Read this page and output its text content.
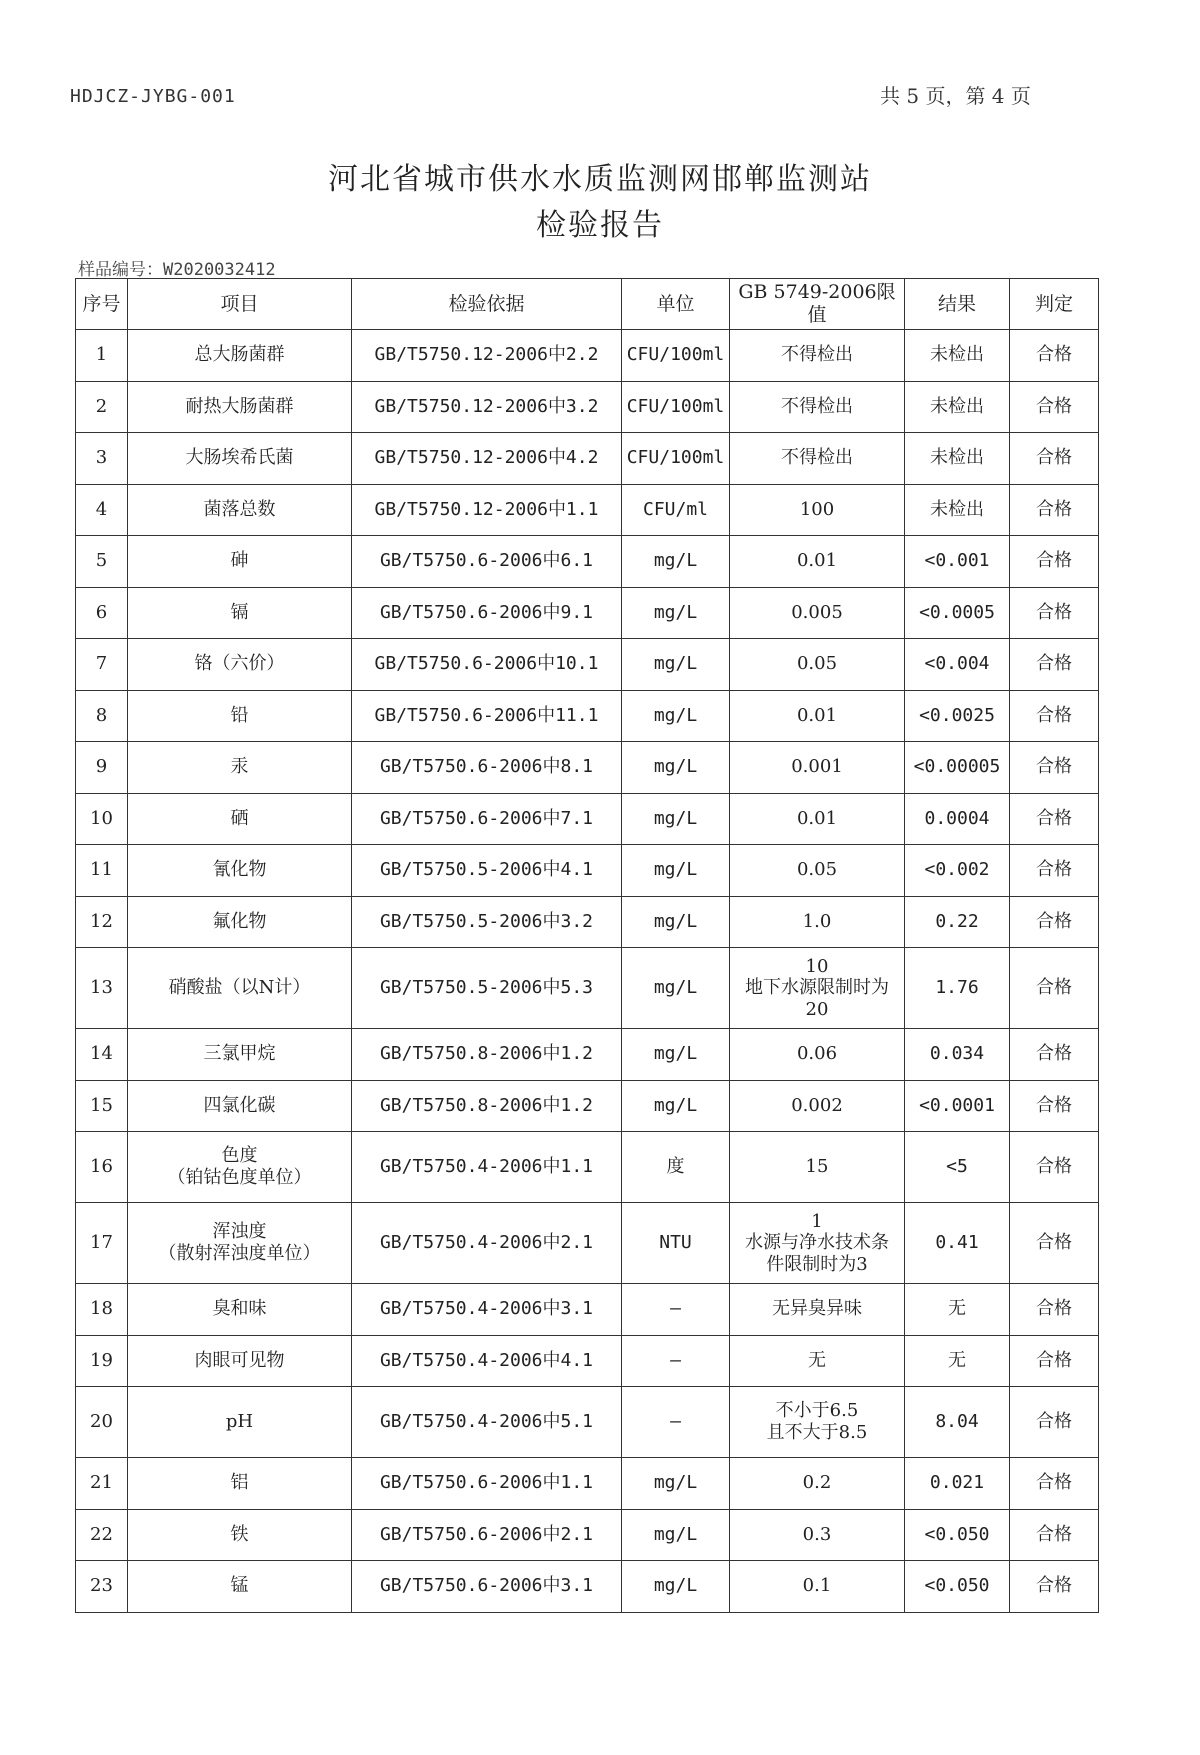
HDJCZ-JYBG-001	共 5 页，第 4 页
河北省城市供水水质监测网邯郸监测站
检验报告
样品编号：W2020032412
序号	项目	检验依据	单位	GB 5749-2006限值	结果	判定
1	总大肠菌群	GB/T5750.12-2006中2.2	CFU/100ml	不得检出	未检出	合格
2	耐热大肠菌群	GB/T5750.12-2006中3.2	CFU/100ml	不得检出	未检出	合格
3	大肠埃希氏菌	GB/T5750.12-2006中4.2	CFU/100ml	不得检出	未检出	合格
4	菌落总数	GB/T5750.12-2006中1.1	CFU/ml	100	未检出	合格
5	砷	GB/T5750.6-2006中6.1	mg/L	0.01	<0.001	合格
6	镉	GB/T5750.6-2006中9.1	mg/L	0.005	<0.0005	合格
7	铬（六价）	GB/T5750.6-2006中10.1	mg/L	0.05	<0.004	合格
8	铅	GB/T5750.6-2006中11.1	mg/L	0.01	<0.0025	合格
9	汞	GB/T5750.6-2006中8.1	mg/L	0.001	<0.00005	合格
10	硒	GB/T5750.6-2006中7.1	mg/L	0.01	0.0004	合格
11	氰化物	GB/T5750.5-2006中4.1	mg/L	0.05	<0.002	合格
12	氟化物	GB/T5750.5-2006中3.2	mg/L	1.0	0.22	合格
13	硝酸盐（以N计）	GB/T5750.5-2006中5.3	mg/L	10
地下水源限制时为
20	1.76	合格
14	三氯甲烷	GB/T5750.8-2006中1.2	mg/L	0.06	0.034	合格
15	四氯化碳	GB/T5750.8-2006中1.2	mg/L	0.002	<0.0001	合格
16	色度
（铂钴色度单位）	GB/T5750.4-2006中1.1	度	15	<5	合格
17	浑浊度
（散射浑浊度单位）	GB/T5750.4-2006中2.1	NTU	1
水源与净水技术条
件限制时为3	0.41	合格
18	臭和味	GB/T5750.4-2006中3.1	—	无异臭异味	无	合格
19	肉眼可见物	GB/T5750.4-2006中4.1	—	无	无	合格
20	pH	GB/T5750.4-2006中5.1	—	不小于6.5
且不大于8.5	8.04	合格
21	铝	GB/T5750.6-2006中1.1	mg/L	0.2	0.021	合格
22	铁	GB/T5750.6-2006中2.1	mg/L	0.3	<0.050	合格
23	锰	GB/T5750.6-2006中3.1	mg/L	0.1	<0.050	合格
